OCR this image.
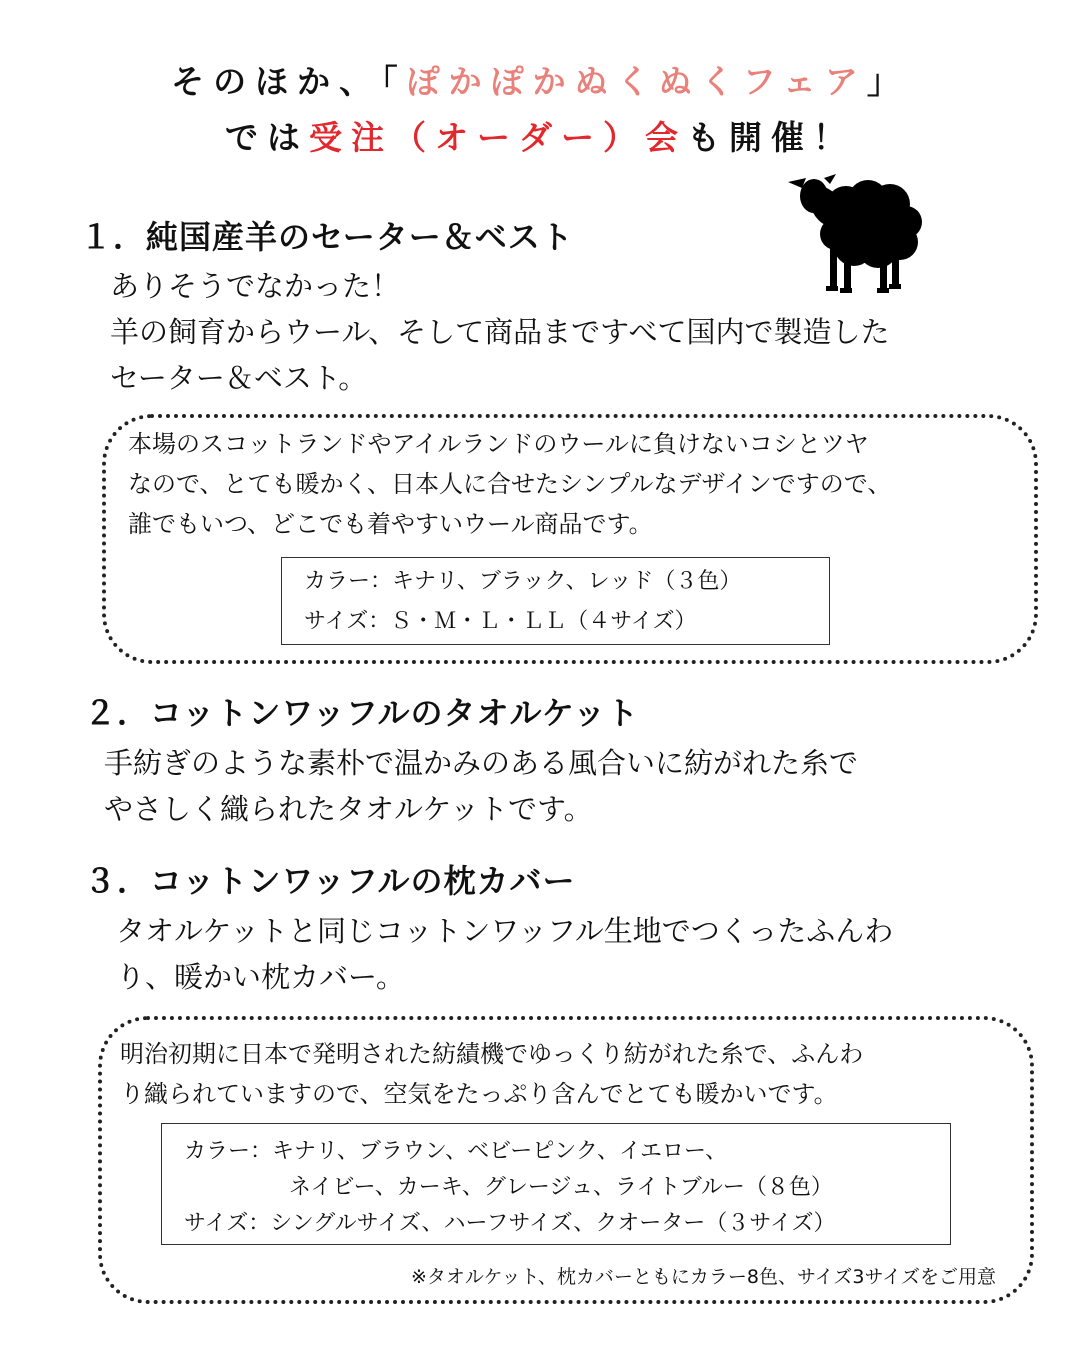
そのほか、「ぽかぽかぬくぬくフェア」
では受注（オーダー）会も開催！
１．純国産羊のセーター＆ベスト
ありそうでなかった！
羊の飼育からウール、そして商品まですべて国内で製造した
セーター＆ベスト。
本場のスコットランドやアイルランドのウールに負けないコシとツヤ
なので、とても暖かく、日本人に合せたシンプルなデザインですので、
誰でもいつ、どこでも着やすいウール商品です。
カラー：キナリ、ブラック、レッド（３色）
サイズ：Ｓ・Ｍ・Ｌ・ＬＬ（４サイズ）
２．コットンワッフルのタオルケット
手紡ぎのような素朴で温かみのある風合いに紡がれた糸で
やさしく織られたタオルケットです。
３．コットンワッフルの枕カバー
タオルケットと同じコットンワッフル生地でつくったふんわ
り、暖かい枕カバー。
明治初期に日本で発明された紡績機でゆっくり紡がれた糸で、ふんわ
り織られていますので、空気をたっぷり含んでとても暖かいです。
※タオルケット、枕カバーともにカラー8色、サイズ3サイズをご用意
カラー：キナリ、ブラウン、ベビーピンク、イエロー、
ネイビー、カーキ、グレージュ、ライトブルー（８色）
サイズ：シングルサイズ、ハーフサイズ、クオーター（３サイズ）
